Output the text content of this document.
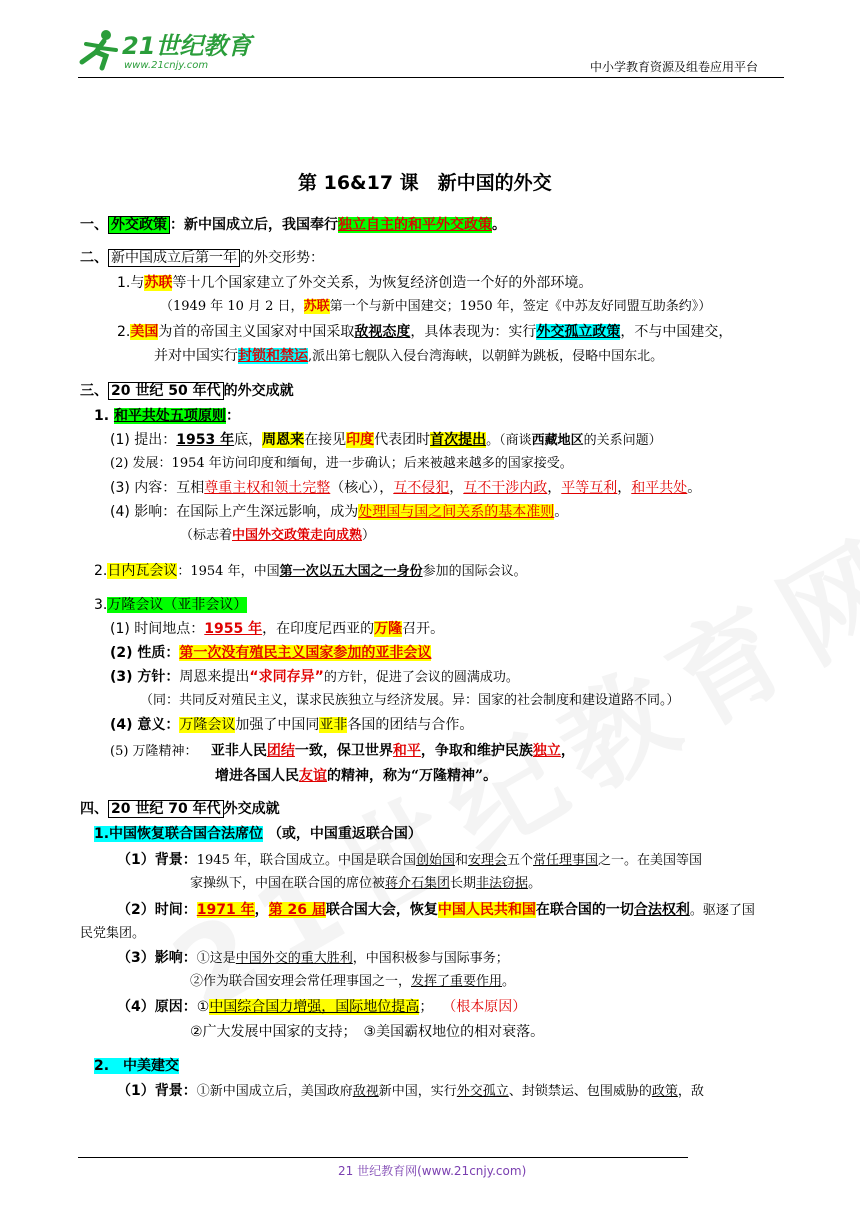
21世纪教育
www.21cnjy.com	中小学教育资源及组卷应用平台
第 16&17 课　新中国的外交
一、 外交政策 ：新中国成立后，我国奉行独立自主的和平外交政策。
二、 新中国成立后第一年 的外交形势：
1.与苏联等十几个国家建立了外交关系，为恢复经济创造一个好的外部环境。
（1949 年 10 月 2 日，苏联第一个与新中国建交；1950 年，签定《中苏友好同盟互助条约》）
2.美国为首的帝国主义国家对中国采取敌视态度，具体表现为：实行外交孤立政策，不与中国建交，
并对中国实行封锁和禁运,派出第七舰队入侵台湾海峡，以朝鲜为跳板，侵略中国东北。
三、 20 世纪 50 年代 的外交成就
1. 和平共处五项原则：
(1) 提出：1953 年底，周恩来在接见印度代表团时首次提出。（商谈西藏地区的关系问题）
(2) 发展：1954 年访问印度和缅甸，进一步确认；后来被越来越多的国家接受。
(3) 内容：互相尊重主权和领土完整（核心），互不侵犯，互不干涉内政，平等互利，和平共处。
(4) 影响：在国际上产生深远影响，成为处理国与国之间关系的基本准则。
（标志着中国外交政策走向成熟）
2.日内瓦会议：1954 年，中国第一次以五大国之一身份参加的国际会议。
3.万隆会议（亚非会议）
(1) 时间地点：1955 年，在印度尼西亚的万隆召开。
(2) 性质：第一次没有殖民主义国家参加的亚非会议
(3) 方针：周恩来提出“求同存异”的方针，促进了会议的圆满成功。
（同：共同反对殖民主义，谋求民族独立与经济发展。异：国家的社会制度和建设道路不同。）
(4) 意义：万隆会议加强了中国同亚非各国的团结与合作。
(5) 万隆精神： 亚非人民团结一致，保卫世界和平，争取和维护民族独立，
增进各国人民友谊的精神，称为“万隆精神”。
四、 20 世纪 70 年代 外交成就
1.中国恢复联合国合法席位 （或，中国重返联合国）
（1）背景：1945 年，联合国成立。中国是联合国创始国和安理会五个常任理事国之一。在美国等国
家操纵下，中国在联合国的席位被蒋介石集团长期非法窃据。
（2）时间：1971 年，第 26 届联合国大会，恢复中国人民共和国在联合国的一切合法权利。驱逐了国
民党集团。
（3）影响：①这是中国外交的重大胜利，中国积极参与国际事务；
②作为联合国安理会常任理事国之一，发挥了重要作用。
（4）原因：①中国综合国力增强，国际地位提高； （根本原因）
②广大发展中国家的支持；　③美国霸权地位的相对衰落。
2.　中美建交
（1）背景：①新中国成立后，美国政府敌视新中国，实行外交孤立、封锁禁运、包围威胁的政策，敌
21 世纪教育网(www.21cnjy.com)
